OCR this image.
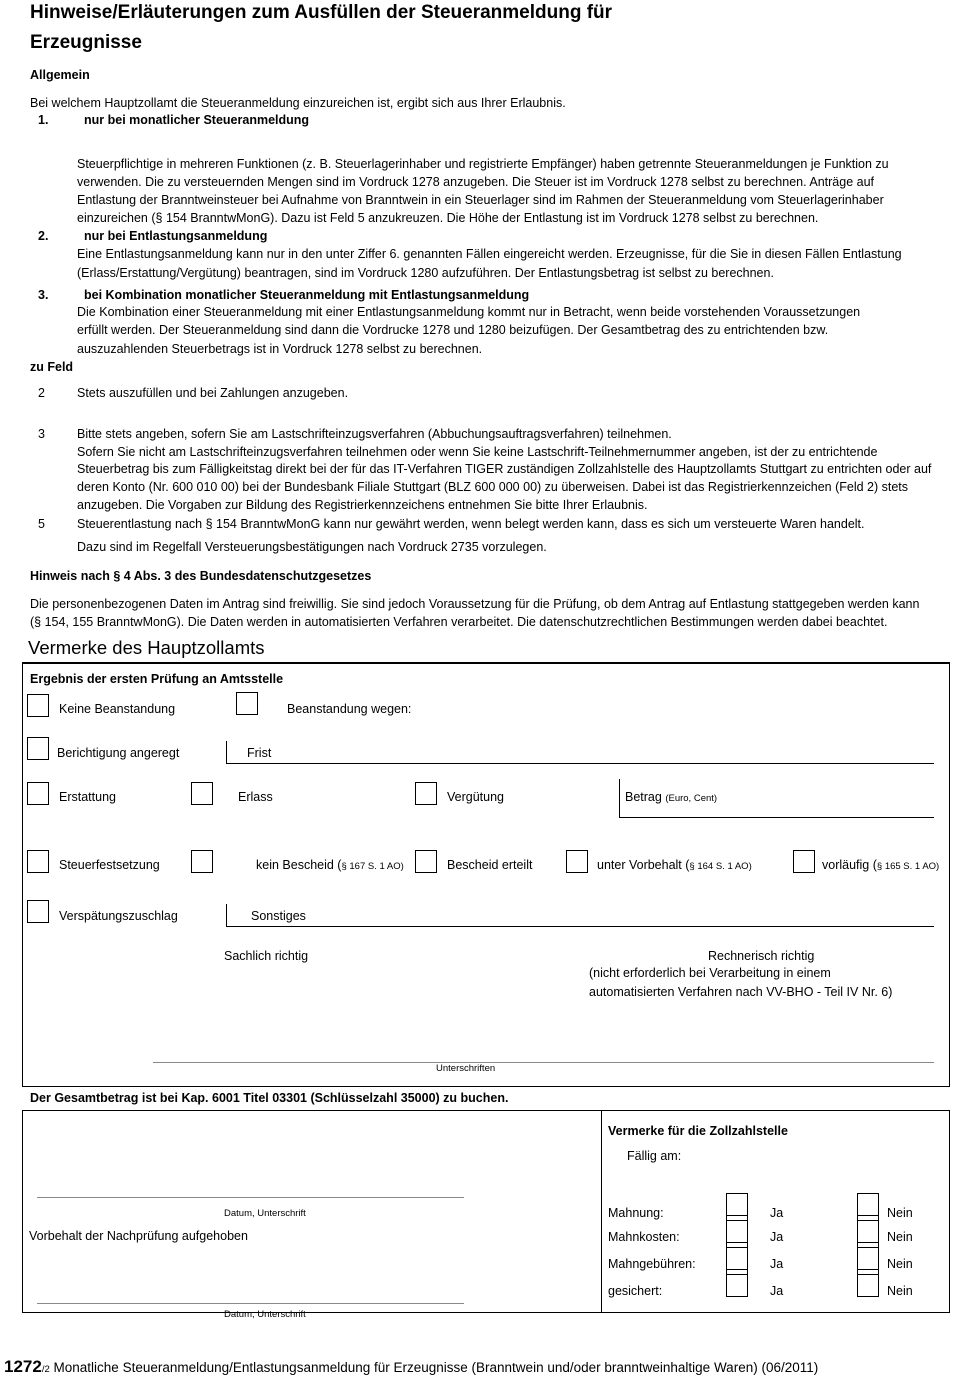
Hinweise/Erläuterungen zum Ausfüllen der Steueranmeldung für
Erzeugnisse
Allgemein
Bei welchem Hauptzollamt die Steueranmeldung einzureichen ist, ergibt sich aus Ihrer Erlaubnis.
1.	nur bei monatlicher Steueranmeldung
Steuerpflichtige in mehreren Funktionen (z. B. Steuerlagerinhaber und registrierte Empfänger) haben getrennte Steueranmeldungen je Funktion zu
verwenden. Die zu versteuernden Mengen sind im Vordruck 1278 anzugeben. Die Steuer ist im Vordruck 1278 selbst zu berechnen. Anträge auf
Entlastung der Branntweinsteuer bei Aufnahme von Branntwein in ein Steuerlager sind im Rahmen der Steueranmeldung vom Steuerlagerinhaber
einzureichen (§ 154 BranntwMonG). Dazu ist Feld 5 anzukreuzen. Die Höhe der Entlastung ist im Vordruck 1278 selbst zu berechnen.
2.	nur bei Entlastungsanmeldung
Eine Entlastungsanmeldung kann nur in den unter Ziffer 6. genannten Fällen eingereicht werden. Erzeugnisse, für die Sie in diesen Fällen Entlastung
(Erlass/Erstattung/Vergütung) beantragen, sind im Vordruck 1280 aufzuführen. Der Entlastungsbetrag ist selbst zu berechnen.
3.	bei Kombination monatlicher Steueranmeldung mit Entlastungsanmeldung
Die Kombination einer Steueranmeldung mit einer Entlastungsanmeldung kommt nur in Betracht, wenn beide vorstehenden Voraussetzungen
erfüllt werden. Der Steueranmeldung sind dann die Vordrucke 1278 und 1280 beizufügen. Der Gesamtbetrag des zu entrichtenden bzw.
auszuzahlenden Steuerbetrags ist in Vordruck 1278 selbst zu berechnen.
zu Feld
2	Stets auszufüllen und bei Zahlungen anzugeben.
3	Bitte stets angeben, sofern Sie am Lastschrifteinzugsverfahren (Abbuchungsauftragsverfahren) teilnehmen.
Sofern Sie nicht am Lastschrifteinzugsverfahren teilnehmen oder wenn Sie keine Lastschrift-Teilnehmernummer angeben, ist der zu entrichtende
Steuerbetrag bis zum Fälligkeitstag direkt bei der für das IT-Verfahren TIGER zuständigen Zollzahlstelle des Hauptzollamts Stuttgart zu entrichten oder auf
deren Konto (Nr. 600 010 00) bei der Bundesbank Filiale Stuttgart (BLZ 600 000 00) zu überweisen. Dabei ist das Registrierkennzeichen (Feld 2) stets
anzugeben. Die Vorgaben zur Bildung des Registrierkennzeichens entnehmen Sie bitte Ihrer Erlaubnis.
5	Steuerentlastung nach § 154 BranntwMonG kann nur gewährt werden, wenn belegt werden kann, dass es sich um versteuerte Waren handelt.
Dazu sind im Regelfall Versteuerungsbestätigungen nach Vordruck 2735 vorzulegen.
Hinweis nach § 4 Abs. 3 des Bundesdatenschutzgesetzes
Die personenbezogenen Daten im Antrag sind freiwillig. Sie sind jedoch Voraussetzung für die Prüfung, ob dem Antrag auf Entlastung stattgegeben werden kann
(§ 154, 155 BranntwMonG). Die Daten werden in automatisierten Verfahren verarbeitet. Die datenschutzrechtlichen Bestimmungen werden dabei beachtet.
Vermerke des Hauptzollamts
Ergebnis der ersten Prüfung an Amtsstelle
Keine Beanstandung	Beanstandung wegen:
Berichtigung angeregt	Frist
Erstattung	Erlass	Vergütung	Betrag (Euro, Cent)
Steuerfestsetzung	kein Bescheid (§ 167 S. 1 AO)	Bescheid erteilt	unter Vorbehalt (§ 164 S. 1 AO)	vorläufig (§ 165 S. 1 AO)
Verspätungszuschlag	Sonstiges
Sachlich richtig	Rechnerisch richtig
(nicht erforderlich bei Verarbeitung in einem
automatisierten Verfahren nach VV-BHO - Teil IV Nr. 6)
Unterschriften
Der Gesamtbetrag ist bei Kap. 6001 Titel 03301 (Schlüsselzahl 35000) zu buchen.
Datum, Unterschrift
Vorbehalt der Nachprüfung aufgehoben
Datum, Unterschrift
Vermerke für die Zollzahlstelle
Fällig am:
Mahnung:	Ja	Nein
Mahnkosten:	Ja	Nein
Mahngebühren:	Ja	Nein
gesichert:	Ja	Nein
1272/2 Monatliche Steueranmeldung/Entlastungsanmeldung für Erzeugnisse (Branntwein und/oder branntweinhaltige Waren) (06/2011)
